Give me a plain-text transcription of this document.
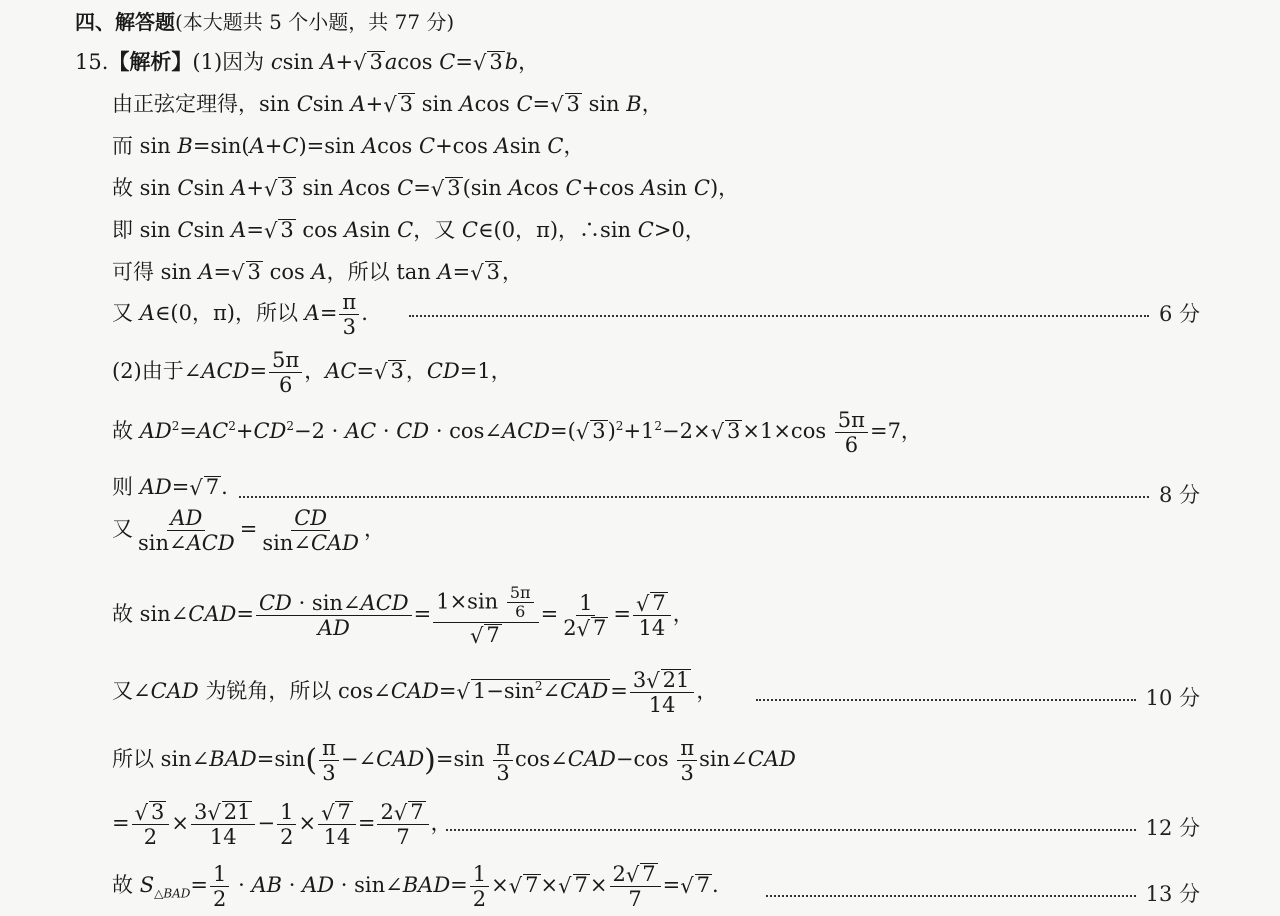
四、解答题(本大题共 5 个小题，共 77 分)
15.【解析】(1)因为 csin A+√ 3acos C=√ 3b，
由正弦定理得，sin Csin A+√ 3 sin Acos C=√ 3 sin B，
而 sin B=sin(A+C)=sin Acos C+cos Asin C，
故 sin Csin A+√ 3 sin Acos C=√ 3(sin Acos C+cos Asin C)，
即 sin Csin A=√ 3 cos Asin C，又 C∈(0，π)，∴sin C>0，
可得 sin A=√ 3 cos A，所以 tan A=√ 3，
又 A∈(0，π)，所以 $A= \frac{\pi}{3}$ .	6 分
(2)由于∠ACD= $\frac{5\pi}{6}$ ，AC=√ 3，CD=1，
故 $AD^2=AC^2+CD^2-2$ · AC · CD · cos∠ACD=(√ $3)^2+1^2-2\times√$ $3\times 1\times\cos \frac{5\pi}{6} =7$，
则 AD=√ 7.	8 分
又 $\frac{AD}{\text{sin∠ACD}} = \frac{CD}{\text{sin∠CAD}}$ ，
故 sin∠CAD= $\frac{\text{CD · sin∠ACD}}{AD} = \frac{1\times\sin \frac{5\pi}{6}}{√ 7} = \frac{1}{2√ 7} = \frac{√ 7}{14}$ ，
又∠CAD 为锐角，所以 cos∠CAD=√ $1-\sin^2\angle CAD= \frac{3√ 21}{14}$ ，	10 分
所以 sin∠BAD=sin( $\frac{\pi}{3}$ −∠CAD)=sin $\frac{\pi}{3}$ cos∠CAD−cos $\frac{\pi}{3}$ sin∠CAD
= $\frac{√ 3}{2} \times \frac{3√ 21}{14} - \frac{1}{2} \times \frac{√ 7}{14} = \frac{2√ 7}{7}$ ，	12 分
故 $S_{\triangle BAD}= \frac{1}{2}$ · AB · AD · sin∠BAD= $\frac{1}{2}$ ×√ 7×√ $7\times \frac{2√ 7}{7}$ =√ 7.	13 分
